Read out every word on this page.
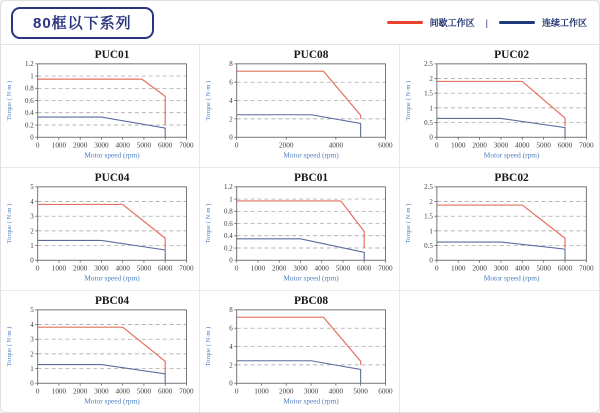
80框以下系列	间歇工作区 |	连续工作区
PUC01
0
0.2
0.4
0.6
0.8
1
1.2
0 1000 2000 3000 4000 5000 6000 7000
Motor speed (rpm)
Torque ( N·m )
PUC08
0
2
4
6
8
0	2000	4000	6000
Motor speed (rpm)
Torque ( N·m )
PUC02
0
0.5
1
1.5
2
2.5
0 1000 2000 3000 4000 5000 6000 7000
Motor speed (rpm)
Torque ( N·m )
PUC04
0
1
2
3
4
5
0 1000 2000 3000 4000 5000 6000 7000
Motor speed (rpm)
Torque ( N·m )
PBC01
0
0.2
0.4
0.6
0.8
1
1.2
0 1000 2000 3000 4000 5000 6000 7000
Motor speed (rpm)
Torque ( N·m )
PBC02
0
0.5
1
1.5
2
2.5
0 1000 2000 3000 4000 5000 6000 7000
Motor speed (rpm)
Torque ( N·m )
PBC04
0
1
2
3
4
5
0 1000 2000 3000 4000 5000 6000 7000
Motor speed (rpm)
Torque ( N·m )
PBC08
0
2
4
6
8
0 1000 2000 3000 4000 5000 6000
Motor speed (rpm)
Torque ( N·m )
